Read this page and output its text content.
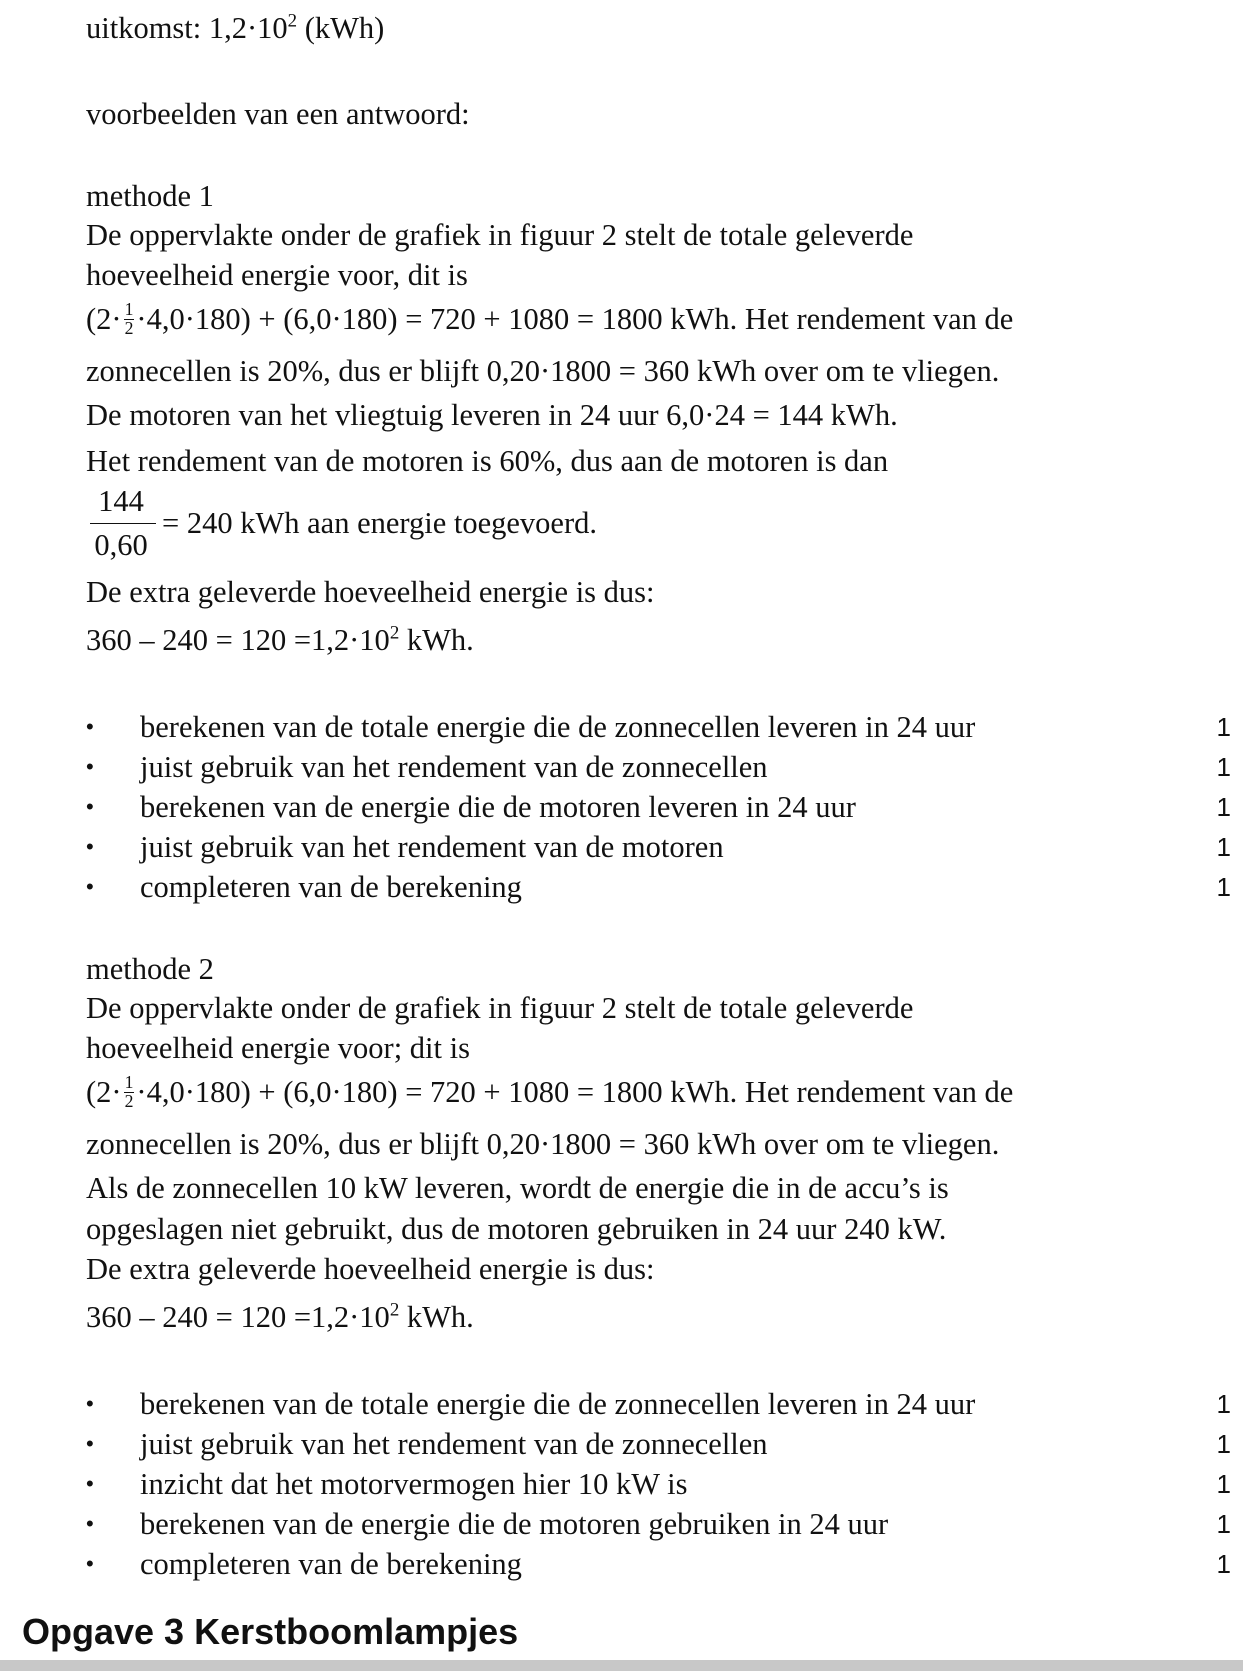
uitkomst: $1,2\cdot 10^2$ (kWh)
voorbeelden van een antwoord:
methode 1
De oppervlakte onder de grafiek in figuur 2 stelt de totale geleverde
hoeveelheid energie voor, dit is
$(2\cdot \frac{1}{2} \cdot 4,0\cdot 180) + (6,0\cdot 180) = 720 + 1080 = 1800$ kWh. Het rendement van de
zonnecellen is 20%, dus er blijft 0,20·1800 = 360 kWh over om te vliegen.
De motoren van het vliegtuig leveren in 24 uur 6,0·24 = 144 kWh.
Het rendement van de motoren is 60%, dus aan de motoren is dan
144
0,60
= 240 kWh aan energie toegevoerd.
De extra geleverde hoeveelheid energie is dus:
$360 - 240 = 120 =1,2\cdot 10^2$ kWh.
•	berekenen van de totale energie die de zonnecellen leveren in 24 uur	1
•	juist gebruik van het rendement van de zonnecellen	1
•	berekenen van de energie die de motoren leveren in 24 uur	1
•	juist gebruik van het rendement van de motoren	1
•	completeren van de berekening	1
methode 2
De oppervlakte onder de grafiek in figuur 2 stelt de totale geleverde
hoeveelheid energie voor; dit is
$(2\cdot \frac{1}{2} \cdot 4,0\cdot 180) + (6,0\cdot 180) = 720 + 1080 = 1800$ kWh. Het rendement van de
zonnecellen is 20%, dus er blijft 0,20·1800 = 360 kWh over om te vliegen.
Als de zonnecellen 10 kW leveren, wordt de energie die in de accu’s is
opgeslagen niet gebruikt, dus de motoren gebruiken in 24 uur 240 kW.
De extra geleverde hoeveelheid energie is dus:
$360 - 240 = 120 =1,2\cdot 10^2$ kWh.
•	berekenen van de totale energie die de zonnecellen leveren in 24 uur	1
•	juist gebruik van het rendement van de zonnecellen	1
•	inzicht dat het motorvermogen hier 10 kW is	1
•	berekenen van de energie die de motoren gebruiken in 24 uur	1
•	completeren van de berekening	1
Opgave 3 Kerstboomlampjes
